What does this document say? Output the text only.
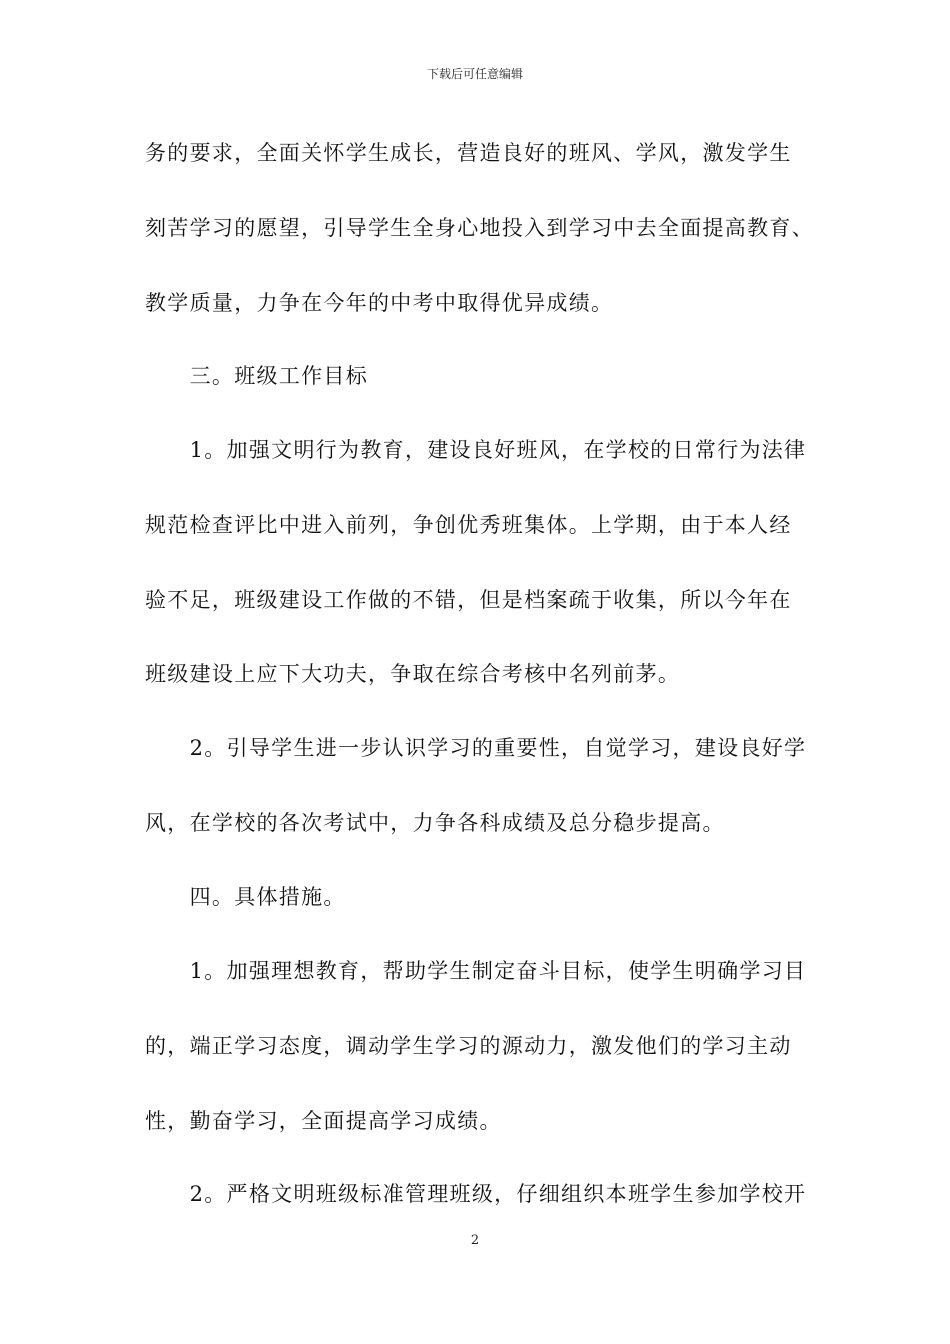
下载后可任意编辑
务的要求，全面关怀学生成长，营造良好的班风、学风，激发学生
刻苦学习的愿望，引导学生全身心地投入到学习中去全面提高教育、
教学质量，力争在今年的中考中取得优异成绩。
　　三。班级工作目标
　　1。加强文明行为教育，建设良好班风，在学校的日常行为法律
规范检查评比中进入前列，争创优秀班集体。上学期，由于本人经
验不足，班级建设工作做的不错，但是档案疏于收集，所以今年在
班级建设上应下大功夫，争取在综合考核中名列前茅。
　　2。引导学生进一步认识学习的重要性，自觉学习，建设良好学
风，在学校的各次考试中，力争各科成绩及总分稳步提高。
　　四。具体措施。
　　1。加强理想教育，帮助学生制定奋斗目标，使学生明确学习目
的，端正学习态度，调动学生学习的源动力，激发他们的学习主动
性，勤奋学习，全面提高学习成绩。
　　2。严格文明班级标准管理班级，仔细组织本班学生参加学校开
2
